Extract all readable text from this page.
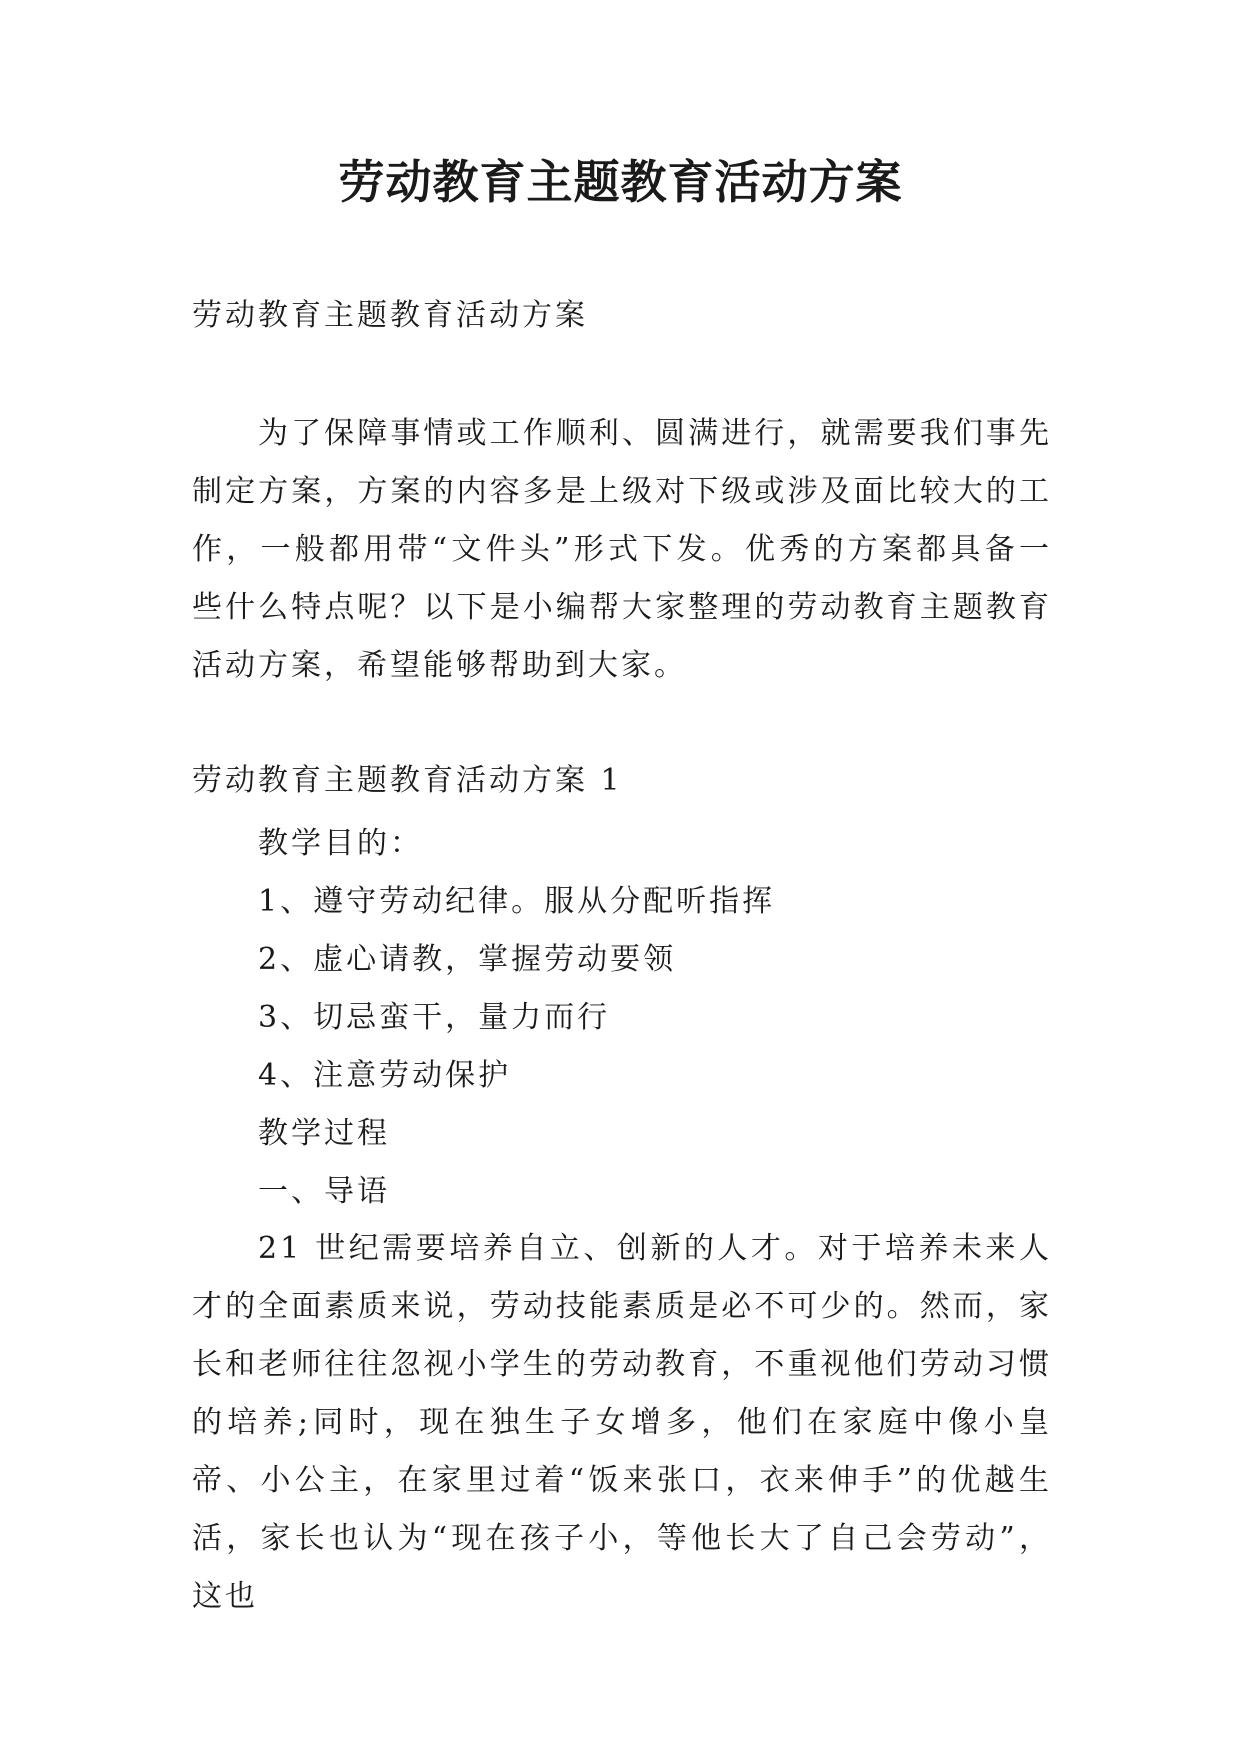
劳动教育主题教育活动方案

劳动教育主题教育活动方案

为了保障事情或工作顺利、圆满进行，就需要我们事先制定方案，方案的内容多是上级对下级或涉及面比较大的工作，一般都用带“文件头”形式下发。优秀的方案都具备一些什么特点呢？以下是小编帮大家整理的劳动教育主题教育活动方案，希望能够帮助到大家。

劳动教育主题教育活动方案 1

教学目的：
1、遵守劳动纪律。服从分配听指挥
2、虚心请教，掌握劳动要领
3、切忌蛮干，量力而行
4、注意劳动保护
教学过程
一、导语

21 世纪需要培养自立、创新的人才。对于培养未来人才的全面素质来说，劳动技能素质是必不可少的。然而，家长和老师往往忽视小学生的劳动教育，不重视他们劳动习惯的培养;同时，现在独生子女增多，他们在家庭中像小皇帝、小公主，在家里过着“饭来张口，衣来伸手”的优越生活，家长也认为“现在孩子小，等他长大了自己会劳动”，这也
